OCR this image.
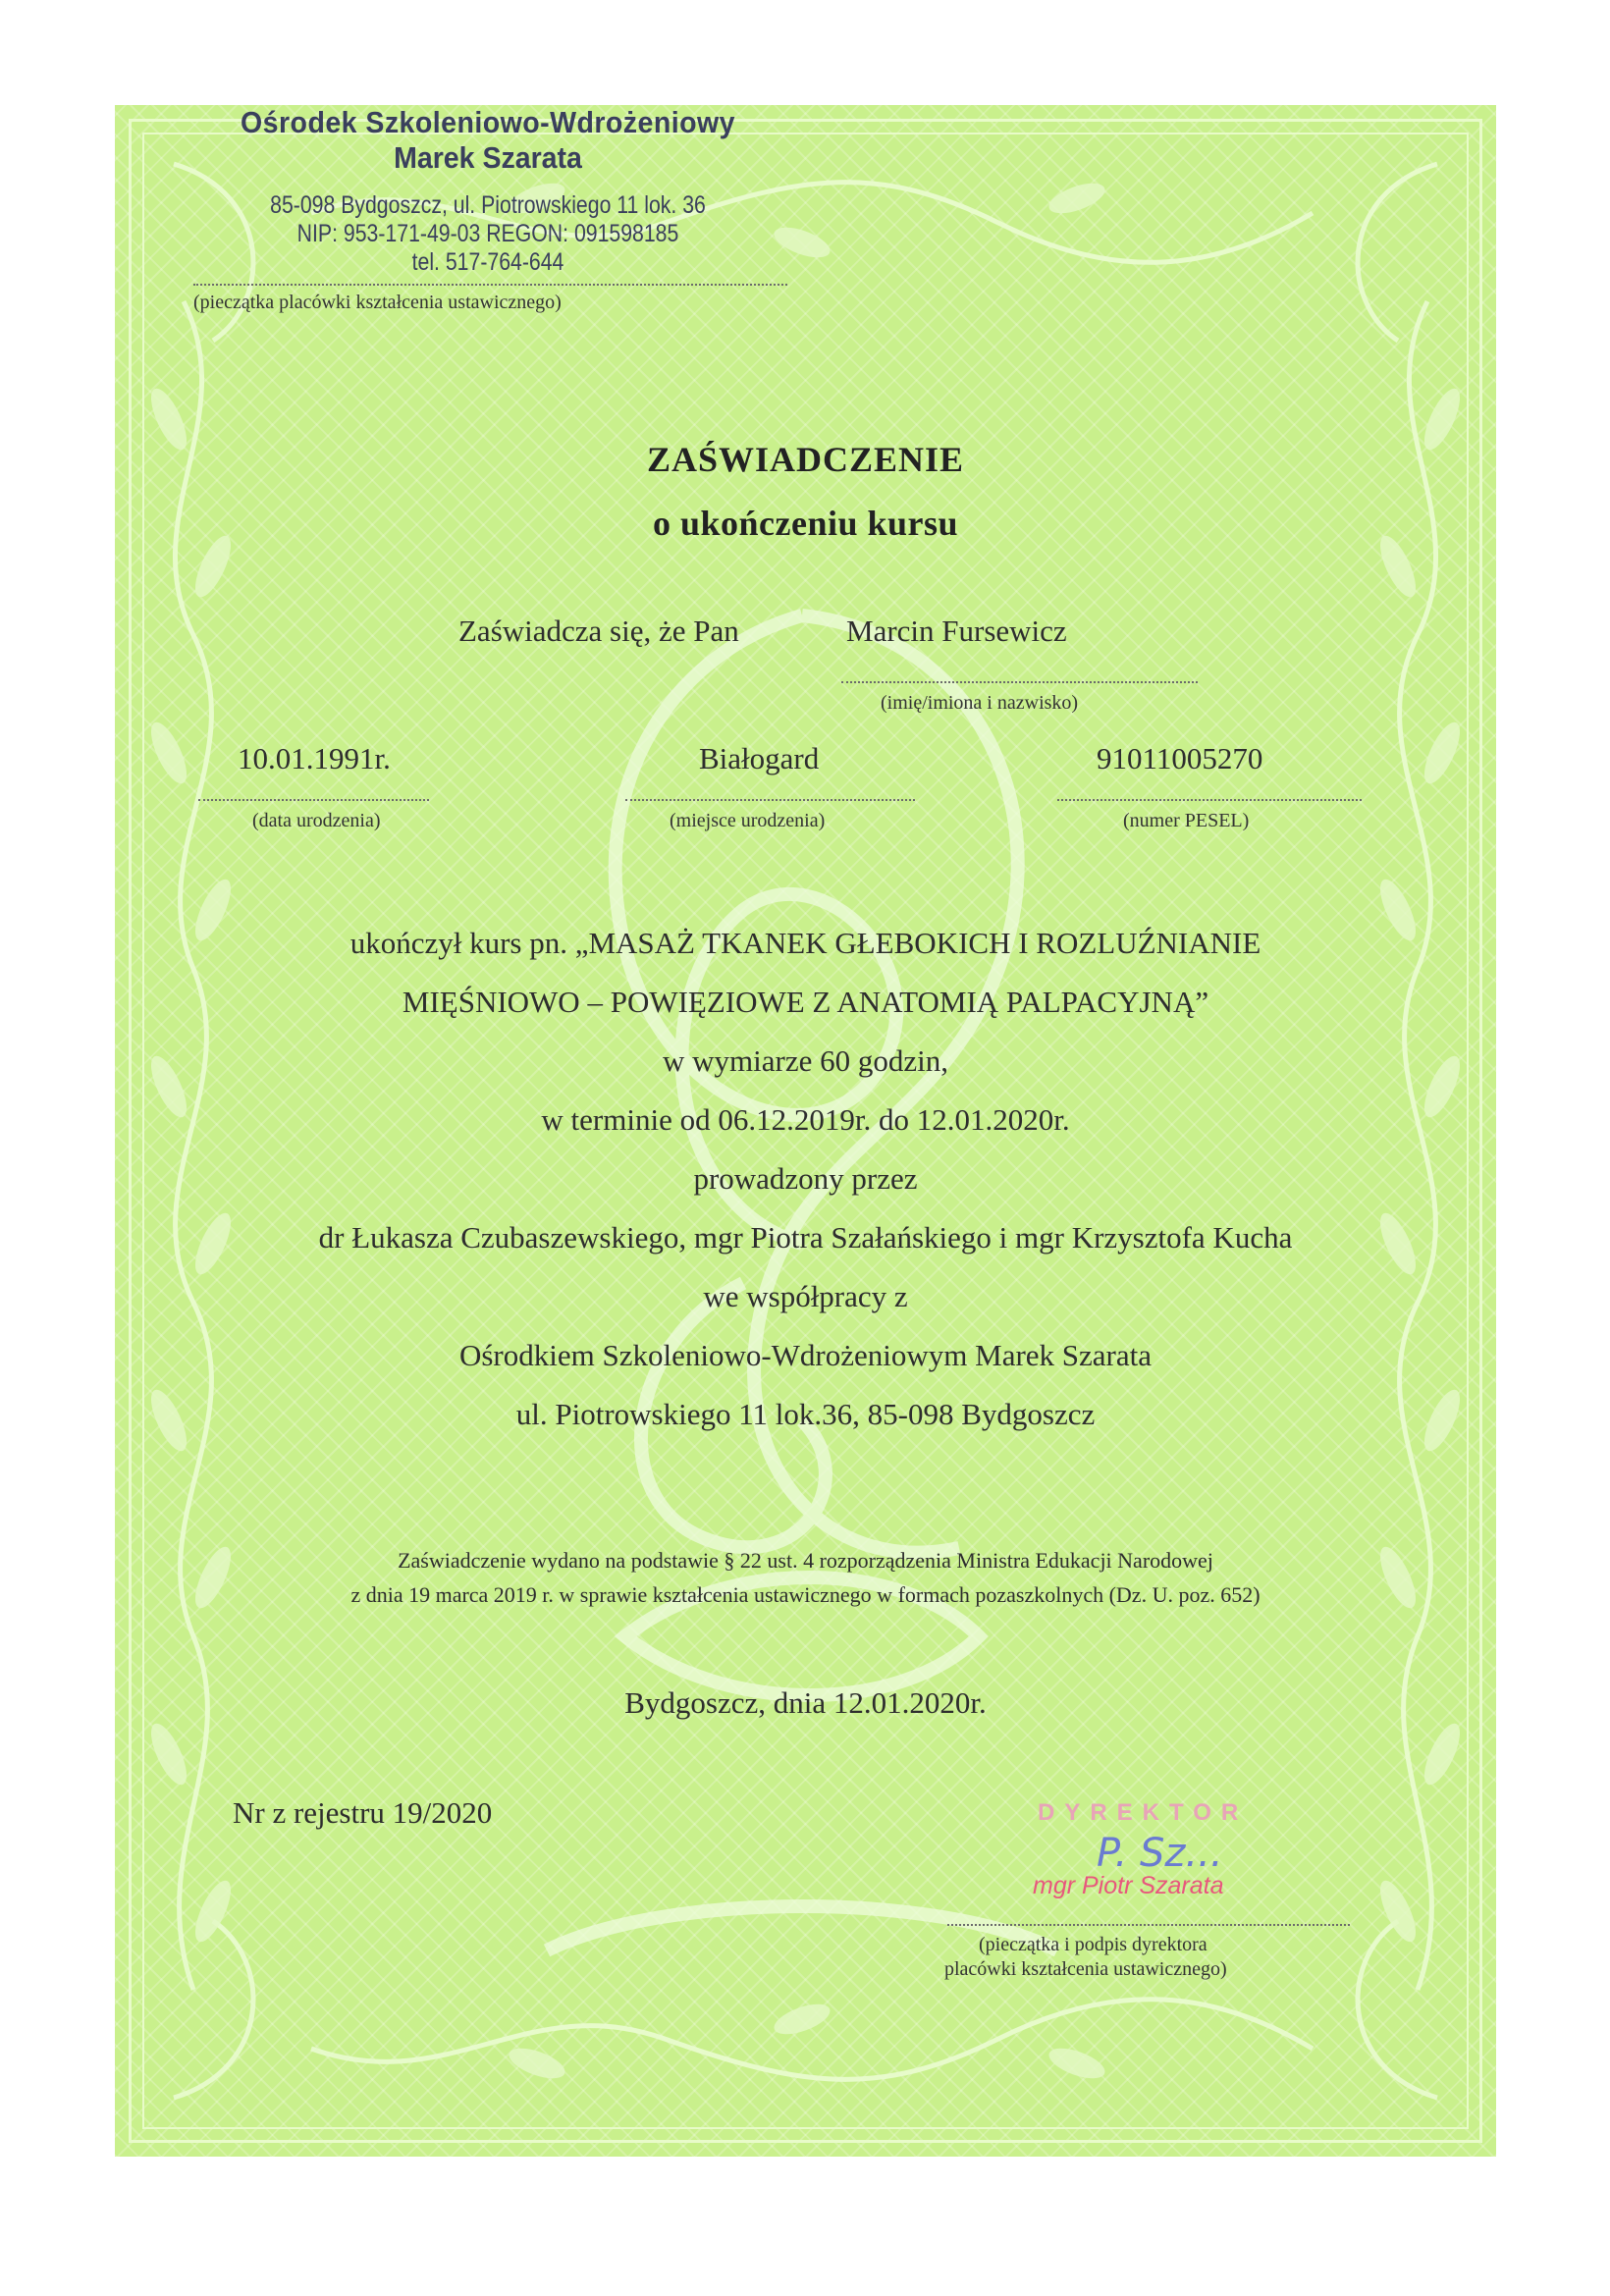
Ośrodek Szkoleniowo-Wdrożeniowy
Marek Szarata
85-098 Bydgoszcz, ul. Piotrowskiego 11 lok. 36
NIP: 953-171-49-03 REGON: 091598185
tel. 517-764-644
(pieczątka placówki kształcenia ustawicznego)
ZAŚWIADCZENIE
o ukończeniu kursu
Zaświadcza się, że Pan	Marcin Fursewicz
(imię/imiona i nazwisko)
10.01.1991r.
(data urodzenia)
Białogard
(miejsce urodzenia)
91011005270
(numer PESEL)
ukończył kurs pn. „MASAŻ TKANEK GŁEBOKICH I ROZLUŹNIANIE
MIĘŚNIOWO – POWIĘZIOWE Z ANATOMIĄ PALPACYJNĄ”
w wymiarze 60 godzin,
w terminie od 06.12.2019r. do 12.01.2020r.
prowadzony przez
dr Łukasza Czubaszewskiego, mgr Piotra Szałańskiego i mgr Krzysztofa Kucha
we współpracy z
Ośrodkiem Szkoleniowo-Wdrożeniowym Marek Szarata
ul. Piotrowskiego 11 lok.36, 85-098 Bydgoszcz
Zaświadczenie wydano na podstawie § 22 ust. 4 rozporządzenia Ministra Edukacji Narodowej
z dnia 19 marca 2019 r. w sprawie kształcenia ustawicznego w formach pozaszkolnych (Dz. U. poz. 652)
Bydgoszcz, dnia 12.01.2020r.
Nr z rejestru 19/2020	DYREKTOR
P. Sz...
mgr Piotr Szarata
(pieczątka i podpis dyrektora
placówki kształcenia ustawicznego)
